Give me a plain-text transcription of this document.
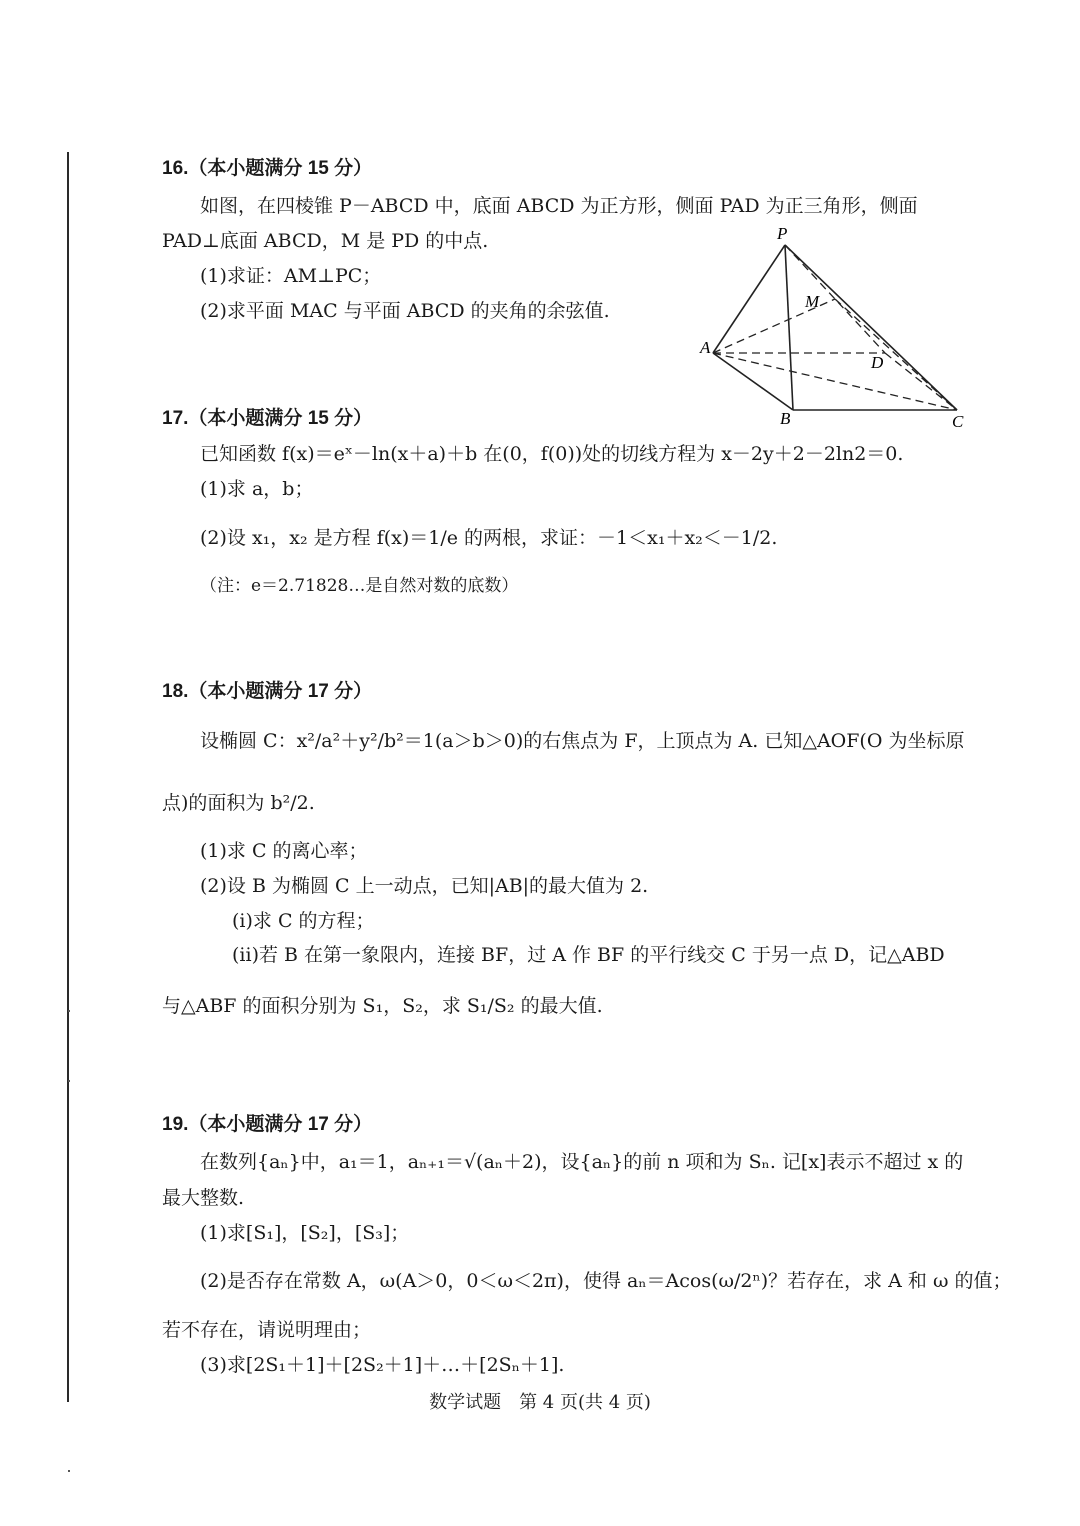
16.（本小题满分 15 分）
如图，在四棱锥 P－ABCD 中，底面 ABCD 为正方形，侧面 PAD 为正三角形，侧面
PAD⊥底面 ABCD，M 是 PD 的中点.
(1)求证：AM⊥PC；
(2)求平面 MAC 与平面 ABCD 的夹角的余弦值.
P
M
A
D
B	C
17.（本小题满分 15 分）
已知函数 f(x)＝eˣ－ln(x＋a)＋b 在(0，f(0))处的切线方程为 x－2y＋2－2ln2＝0.
(1)求 a，b；
(2)设 x₁，x₂ 是方程 f(x)＝1/e 的两根，求证：－1＜x₁＋x₂＜－1/2.
（注：e＝2.71828…是自然对数的底数）
18.（本小题满分 17 分）
设椭圆 C：x²/a²＋y²/b²＝1(a＞b＞0)的右焦点为 F，上顶点为 A. 已知△AOF(O 为坐标原
点)的面积为 b²/2.
(1)求 C 的离心率；
(2)设 B 为椭圆 C 上一动点，已知|AB|的最大值为 2.
(i)求 C 的方程；
(ii)若 B 在第一象限内，连接 BF，过 A 作 BF 的平行线交 C 于另一点 D，记△ABD
与△ABF 的面积分别为 S₁，S₂，求 S₁/S₂ 的最大值.
19.（本小题满分 17 分）
在数列{aₙ}中，a₁＝1，aₙ₊₁＝√(aₙ＋2)，设{aₙ}的前 n 项和为 Sₙ. 记[x]表示不超过 x 的
最大整数.
(1)求[S₁]，[S₂]，[S₃]；
(2)是否存在常数 A，ω(A＞0，0＜ω＜2π)，使得 aₙ＝Acos(ω/2ⁿ)？若存在，求 A 和 ω 的值；
若不存在，请说明理由；
(3)求[2S₁＋1]＋[2S₂＋1]＋…＋[2Sₙ＋1].
数学试题　第 4 页(共 4 页)
